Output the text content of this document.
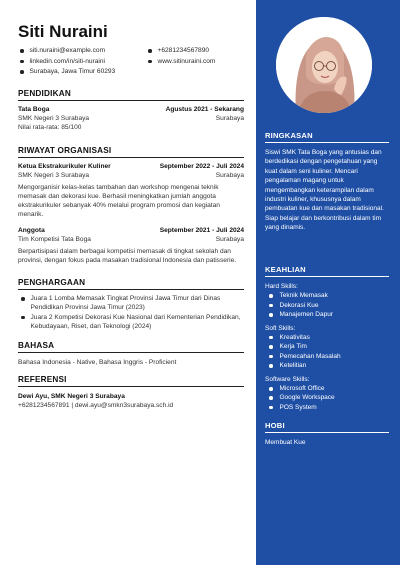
Siti Nuraini
siti.nuraini@example.com	+6281234567890
linkedin.com/in/siti-nuraini	www.sitinuraini.com
Surabaya, Jawa Timur 60293
PENDIDIKAN
Tata Boga	Agustus 2021 - Sekarang
SMK Negeri 3 Surabaya	Surabaya
Nilai rata-rata: 85/100
RIWAYAT ORGANISASI
Ketua Ekstrakurikuler Kuliner	September 2022 - Juli 2024
SMK Negeri 3 Surabaya	Surabaya
Mengorganisir kelas-kelas tambahan dan workshop mengenai teknik memasak dan dekorasi kue. Berhasil meningkatkan jumlah anggota ekstrakurikuler sebanyak 40% melalui program promosi dan kegiatan menarik.
Anggota	September 2021 - Juli 2024
Tim Kompetisi Tata Boga	Surabaya
Berpartisipasi dalam berbagai kompetisi memasak di tingkat sekolah dan provinsi, dengan fokus pada masakan tradisional Indonesia dan patisserie.
PENGHARGAAN
Juara 1 Lomba Memasak Tingkat Provinsi Jawa Timur dari Dinas Pendidikan Provinsi Jawa Timur (2023)
Juara 2 Kompetisi Dekorasi Kue Nasional dari Kementerian Pendidikan, Kebudayaan, Riset, dan Teknologi (2024)
BAHASA
Bahasa Indonesia - Native, Bahasa Inggris - Proficient
REFERENSI
Dewi Ayu, SMK Negeri 3 Surabaya
+6281234567891 | dewi.ayu@smkn3surabaya.sch.id
RINGKASAN
Siswi SMK Tata Boga yang antusias dan berdedikasi dengan pengetahuan yang kuat dalam seni kuliner. Mencari pengalaman magang untuk mengembangkan keterampilan dalam industri kuliner, khususnya dalam pembuatan kue dan masakan tradisional. Siap belajar dan berkontribusi dalam tim yang dinamis.
KEAHLIAN
Hard Skills:
Teknik Memasak
Dekorasi Kue
Manajemen Dapur
Soft Skills:
Kreativitas
Kerja Tim
Pemecahan Masalah
Ketelitian
Software Skills:
Microsoft Office
Google Workspace
POS System
HOBI
Membuat Kue
